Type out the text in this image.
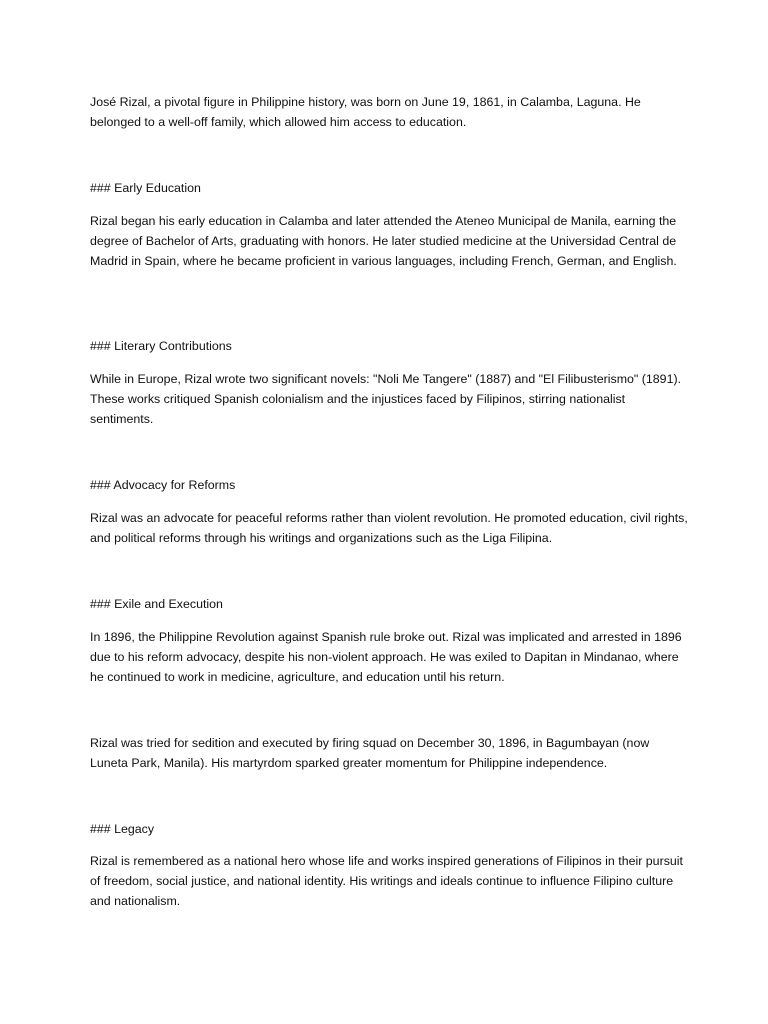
José Rizal, a pivotal figure in Philippine history, was born on June 19, 1861, in Calamba, Laguna. He belonged to a well-off family, which allowed him access to education.

### Early Education

Rizal began his early education in Calamba and later attended the Ateneo Municipal de Manila, earning the degree of Bachelor of Arts, graduating with honors. He later studied medicine at the Universidad Central de Madrid in Spain, where he became proficient in various languages, including French, German, and English.

### Literary Contributions

While in Europe, Rizal wrote two significant novels: "Noli Me Tangere" (1887) and "El Filibusterismo" (1891). These works critiqued Spanish colonialism and the injustices faced by Filipinos, stirring nationalist sentiments.

### Advocacy for Reforms

Rizal was an advocate for peaceful reforms rather than violent revolution. He promoted education, civil rights, and political reforms through his writings and organizations such as the Liga Filipina.

### Exile and Execution

In 1896, the Philippine Revolution against Spanish rule broke out. Rizal was implicated and arrested in 1896 due to his reform advocacy, despite his non-violent approach. He was exiled to Dapitan in Mindanao, where he continued to work in medicine, agriculture, and education until his return.

Rizal was tried for sedition and executed by firing squad on December 30, 1896, in Bagumbayan (now Luneta Park, Manila). His martyrdom sparked greater momentum for Philippine independence.

### Legacy

Rizal is remembered as a national hero whose life and works inspired generations of Filipinos in their pursuit of freedom, social justice, and national identity. His writings and ideals continue to influence Filipino culture and nationalism.
